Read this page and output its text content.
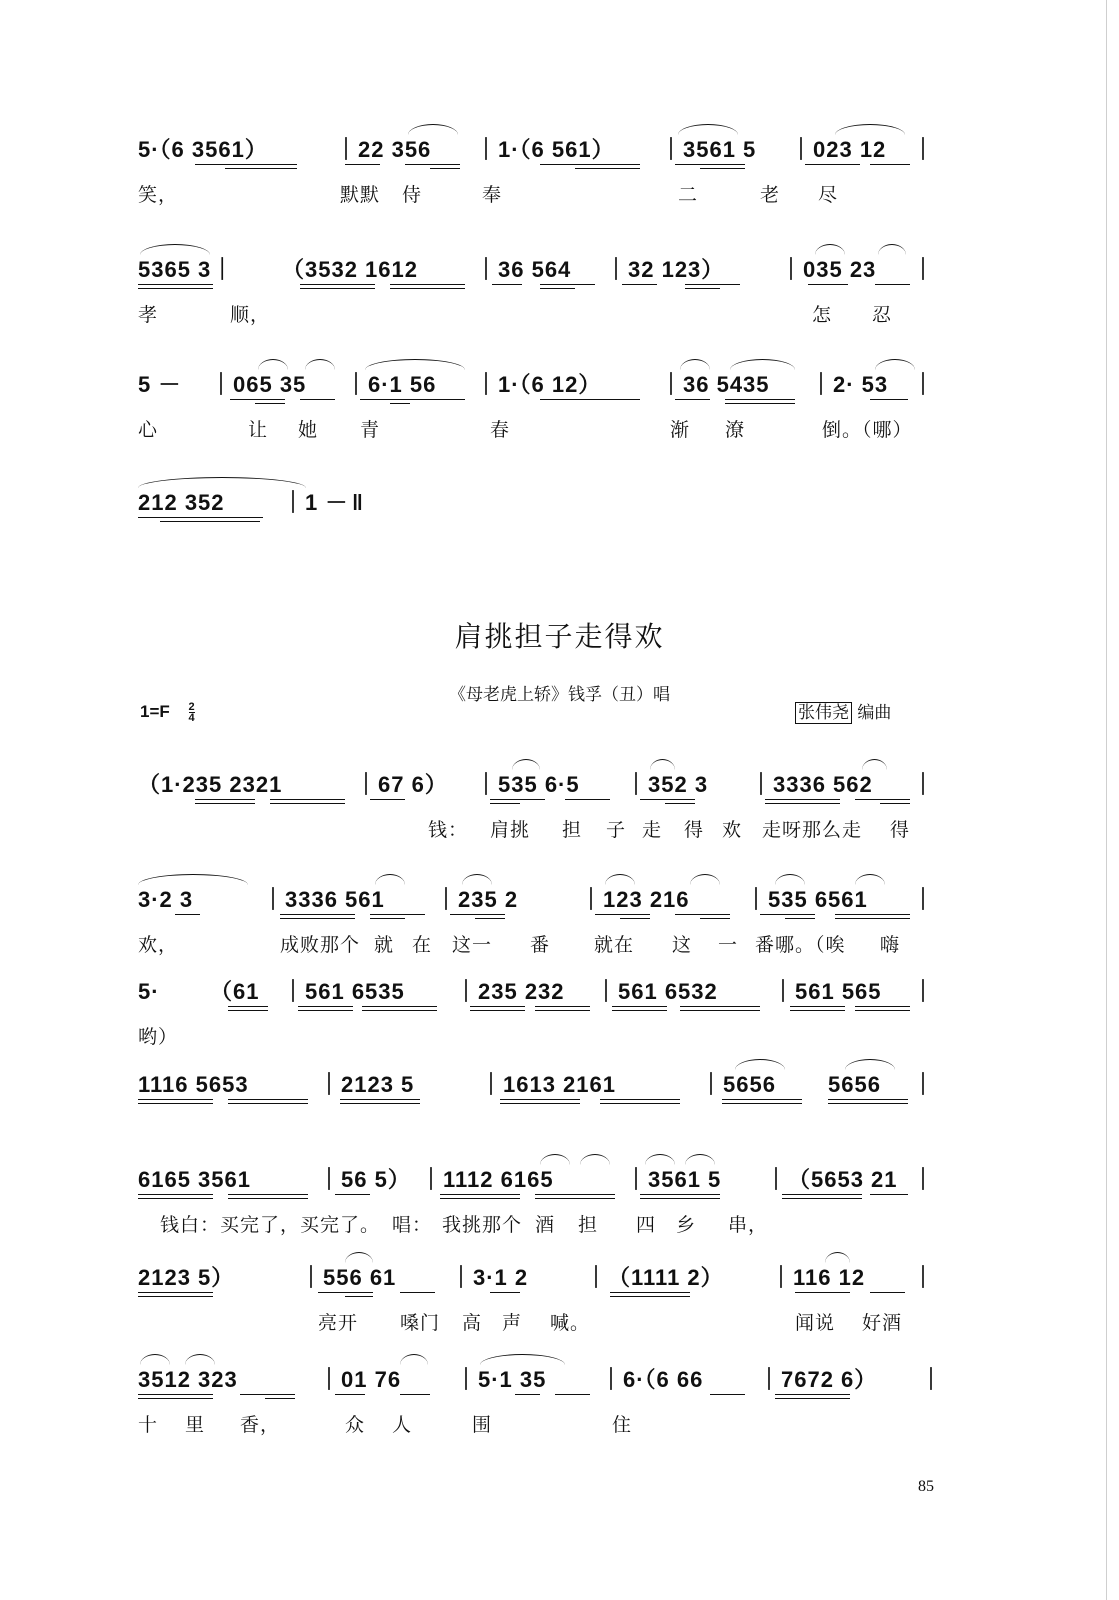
5·（6 3561）	｜22 356 ｜1·（6 561） ｜3561 5 ｜023 12 ｜
笑，	默默 侍	奉	二	老 尽
5365 3｜ （3532 1612	｜36 564 ｜32 123）	｜035 23 ｜
孝	顺，	怎 忍
5 － ｜065 35 ｜6·1 56 ｜1·（6 12）	｜36 5435 ｜2· 53 ｜
心	让 她 青	春	渐 潦	倒。（哪）
212 352	｜1 － ‖
肩挑担子走得欢
《母老虎上轿》钱孚（丑）唱
$1=F \frac{2}{4}$	张伟尧 编曲
（1·235 2321	｜67 6） ｜535 6·5 ｜352 3 ｜3336 562 ｜
钱： 肩挑 担 子 走 得 欢 走呀那么走 得
3·2 3	｜3336 561 ｜235 2	｜123 216	｜535 6561 ｜
欢，	成败那个 就 在 这一 番 就在 这 一 番哪。（唉 嗨
5· （61 ｜561 6535 ｜235 232 ｜561 6532 ｜561 565 ｜
哟）
1116 5653	｜2123 5	｜1613 2161	｜5656 5656 ｜
6165 3561	｜56 5） ｜1112 6165	｜3561 5 ｜（5653 21 ｜
钱白：买完了，买完了。 唱： 我挑那个 酒 担 四 乡 串，
2123 5）	｜556 61 ｜3·1 2	｜（1111 2） ｜116 12 ｜
亮开 嗓门 高 声 喊。	闻说 好酒
3512 323	｜01 76 ｜5·1 35 ｜6·（6 66 ｜7672 6） ｜
十 里 香，	众 人	围	住
85
